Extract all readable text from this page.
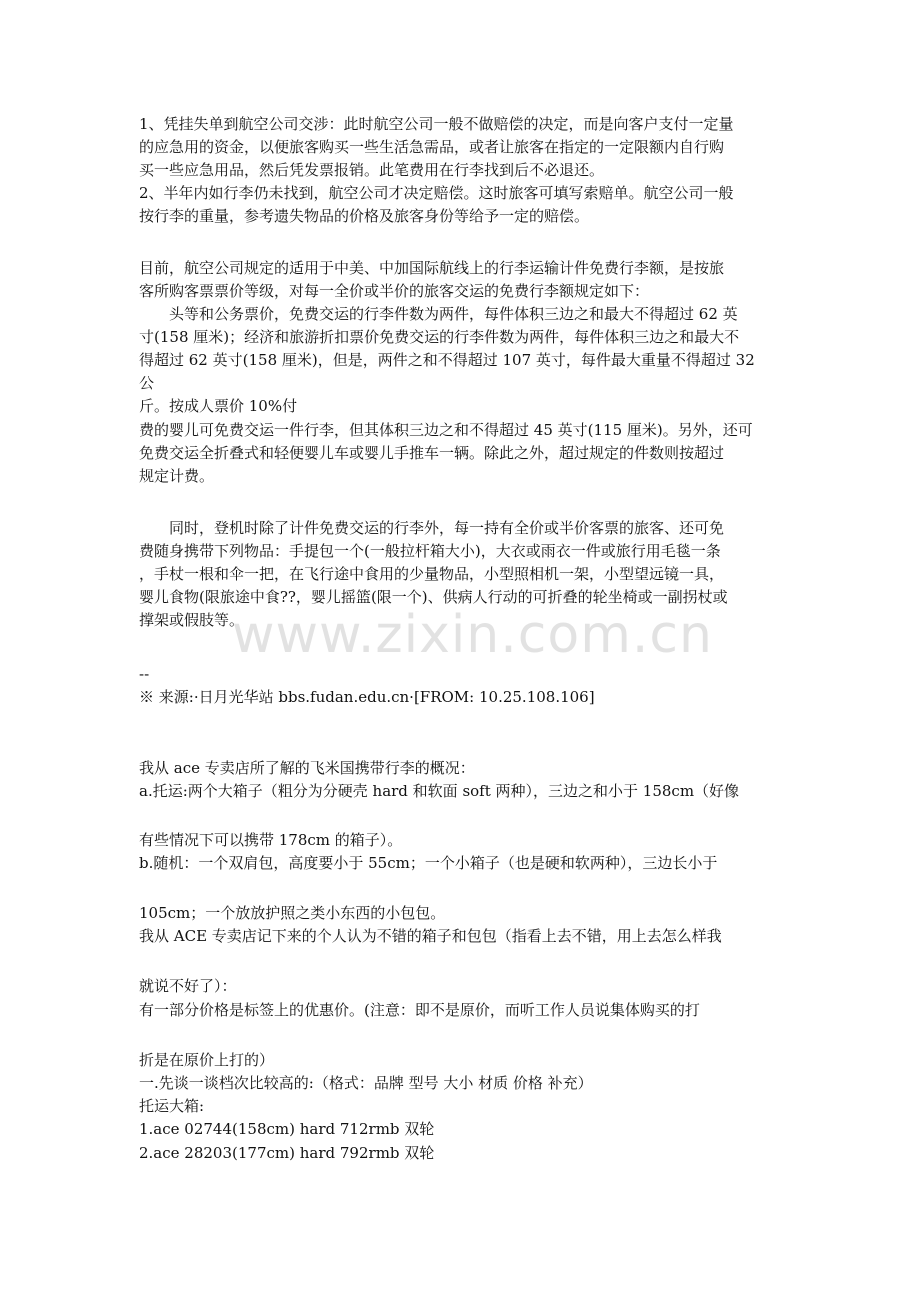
1、凭挂失单到航空公司交涉：此时航空公司一般不做赔偿的决定，而是向客户支付一定量
的应急用的资金，以便旅客购买一些生活急需品，或者让旅客在指定的一定限额内自行购
买一些应急用品，然后凭发票报销。此笔费用在行李找到后不必退还。
2、半年内如行李仍未找到，航空公司才决定赔偿。这时旅客可填写索赔单。航空公司一般
按行李的重量，参考遗失物品的价格及旅客身份等给予一定的赔偿。
目前，航空公司规定的适用于中美、中加国际航线上的行李运输计件免费行李额，是按旅
客所购客票票价等级，对每一全价或半价的旅客交运的免费行李额规定如下：
　　头等和公务票价，免费交运的行李件数为两件，每件体积三边之和最大不得超过 62 英
寸(158 厘米)；经济和旅游折扣票价免费交运的行李件数为两件，每件体积三边之和最大不
得超过 62 英寸(158 厘米)，但是，两件之和不得超过 107 英寸，每件最大重量不得超过 32
公
斤。按成人票价 10%付
费的婴儿可免费交运一件行李，但其体积三边之和不得超过 45 英寸(115 厘米)。另外，还可
免费交运全折叠式和轻便婴儿车或婴儿手推车一辆。除此之外，超过规定的件数则按超过
规定计费。
　　同时，登机时除了计件免费交运的行李外，每一持有全价或半价客票的旅客、还可免
费随身携带下列物品：手提包一个(一般拉杆箱大小)，大衣或雨衣一件或旅行用毛毯一条
，手杖一根和伞一把，在飞行途中食用的少量物品，小型照相机一架，小型望远镜一具，
婴儿食物(限旅途中食??，婴儿摇篮(限一个)、供病人行动的可折叠的轮坐椅或一副拐杖或
撑架或假肢等。
--
※ 来源:·日月光华站 bbs.fudan.edu.cn·[FROM: 10.25.108.106]
我从 ace 专卖店所了解的飞米国携带行李的概况：
a.托运:两个大箱子（粗分为分硬壳 hard 和软面 soft 两种），三边之和小于 158cm（好像
有些情况下可以携带 178cm 的箱子）。
b.随机：一个双肩包，高度要小于 55cm；一个小箱子（也是硬和软两种），三边长小于
105cm；一个放放护照之类小东西的小包包。
我从 ACE 专卖店记下来的个人认为不错的箱子和包包（指看上去不错，用上去怎么样我
就说不好了）：
有一部分价格是标签上的优惠价。(注意：即不是原价，而听工作人员说集体购买的打
折是在原价上打的）
一.先谈一谈档次比较高的:（格式：品牌 型号 大小 材质 价格 补充）
托运大箱:
1.ace 02744(158cm) hard 712rmb 双轮
2.ace 28203(177cm) hard 792rmb 双轮
www.zixin.com.cn
